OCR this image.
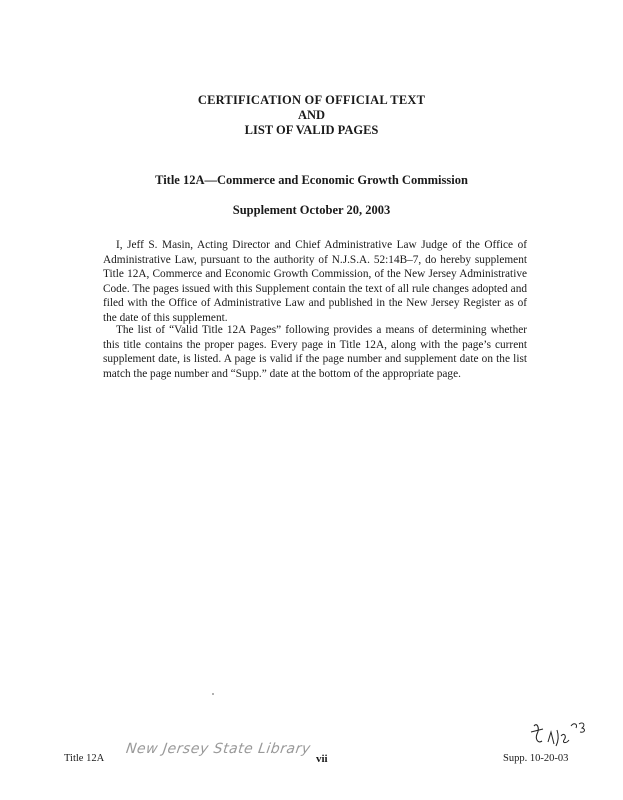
CERTIFICATION OF OFFICIAL TEXT
AND
LIST OF VALID PAGES
Title 12A—Commerce and Economic Growth Commission
Supplement October 20, 2003

I, Jeff S. Masin, Acting Director and Chief Administrative Law Judge of the Office of Administrative Law, pursuant to the authority of N.J.S.A. 52:14B–7, do hereby supplement Title 12A, Commerce and Economic Growth Commission, of the New Jersey Administrative Code. The pages issued with this Supplement contain the text of all rule changes adopted and filed with the Office of Administrative Law and published in the New Jersey Register as of the date of this supplement.

The list of “Valid Title 12A Pages” following provides a means of determining whether this title contains the proper pages. Every page in Title 12A, along with the page’s current supplement date, is listed. A page is valid if the page number and supplement date on the list match the page number and “Supp.” date at the bottom of the appropriate page.

Title 12A
New Jersey State Library
vii	Supp. 10-20-03
